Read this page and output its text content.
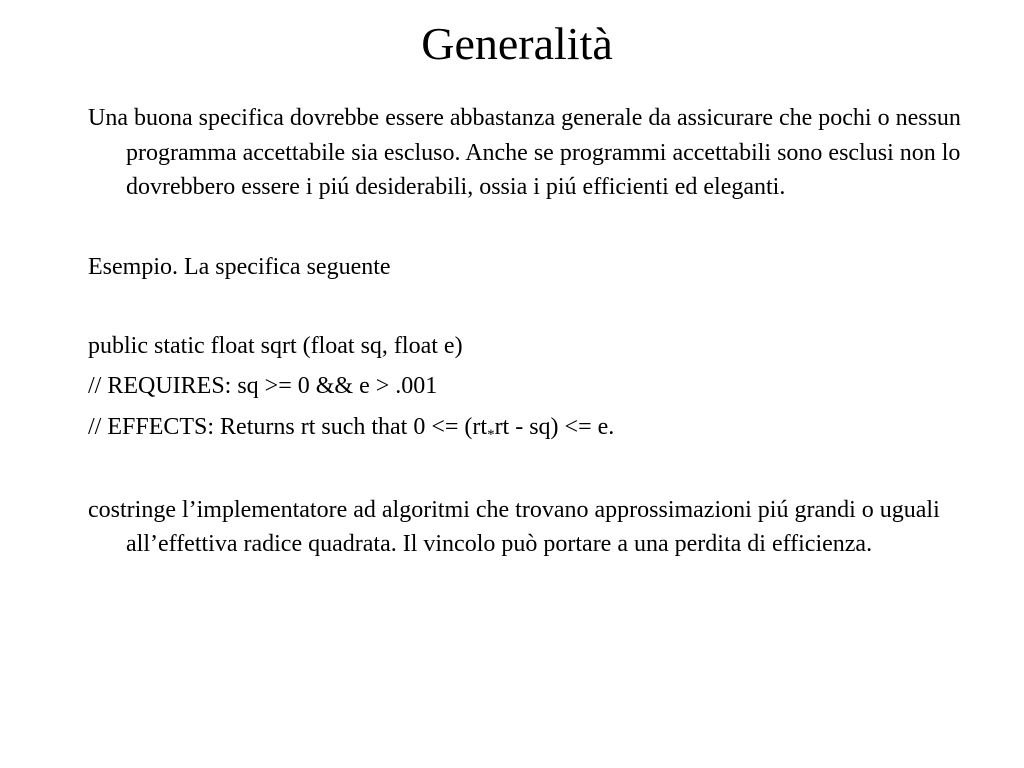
Generalità

Una buona specifica dovrebbe essere abbastanza generale da assicurare che pochi o nessun programma accettabile sia escluso. Anche se programmi accettabili sono esclusi non lo dovrebbero essere i piú desiderabili, ossia i piú efficienti ed eleganti.

Esempio. La specifica seguente

public static float sqrt (float sq, float e)

// REQUIRES: sq >= 0 && e > .001

// EFFECTS: Returns rt such that $0 <= (rt_*rt - sq) <= e$.

costringe l’implementatore ad algoritmi che trovano approssimazioni piú grandi o uguali all’effettiva radice quadrata. Il vincolo può portare a una perdita di efficienza.
